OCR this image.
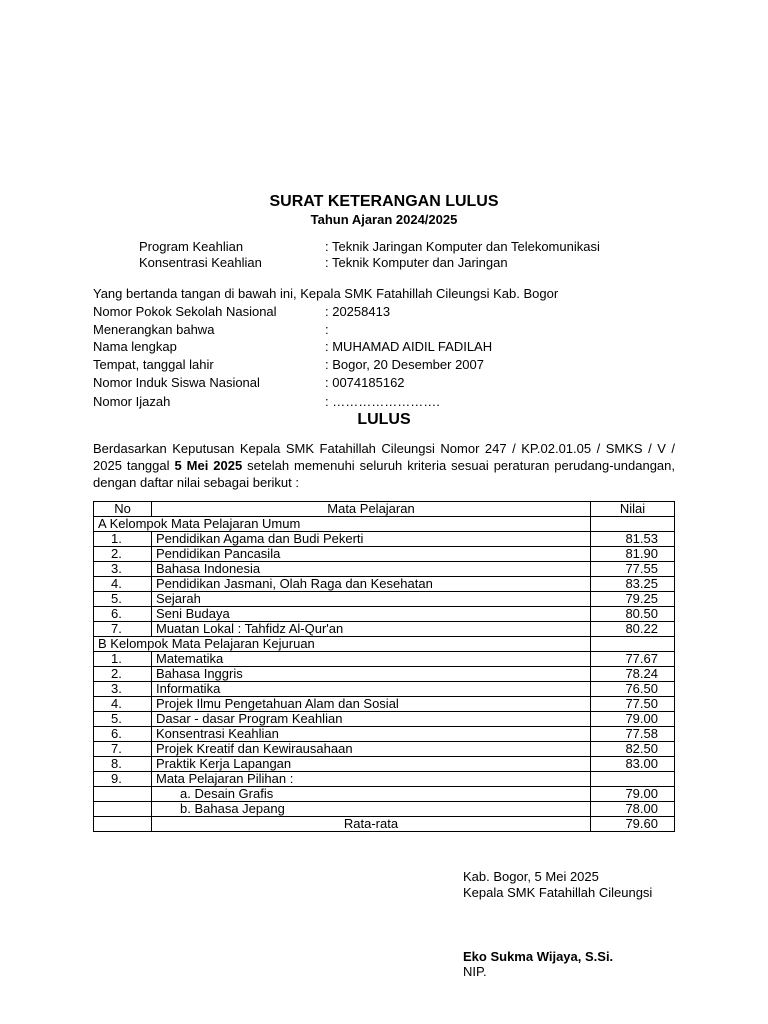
SURAT KETERANGAN LULUS
Tahun Ajaran 2024/2025
Program Keahlian	: Teknik Jaringan Komputer dan Telekomunikasi
Konsentrasi Keahlian	: Teknik Komputer dan Jaringan
Yang bertanda tangan di bawah ini, Kepala SMK Fatahillah Cileungsi Kab. Bogor
Nomor Pokok Sekolah Nasional	: 20258413
Menerangkan bahwa	:
Nama lengkap	: MUHAMAD AIDIL FADILAH
Tempat, tanggal lahir	: Bogor, 20 Desember 2007
Nomor Induk Siswa Nasional	: 0074185162
Nomor Ijazah	: …………………….
LULUS
Berdasarkan Keputusan Kepala SMK Fatahillah Cileungsi Nomor 247 / KP.02.01.05 / SMKS / V / 2025 tanggal 5 Mei 2025 setelah memenuhi seluruh kriteria sesuai peraturan perudang-undangan, dengan daftar nilai sebagai berikut :
No	Mata Pelajaran	Nilai
A Kelompok Mata Pelajaran Umum		
1.	Pendidikan Agama dan Budi Pekerti	81.53
2.	Pendidikan Pancasila	81.90
3.	Bahasa Indonesia	77.55
4.	Pendidikan Jasmani, Olah Raga dan Kesehatan	83.25
5.	Sejarah	79.25
6.	Seni Budaya	80.50
7.	Muatan Lokal : Tahfidz Al-Qur'an	80.22
B Kelompok Mata Pelajaran Kejuruan		
1.	Matematika	77.67
2.	Bahasa Inggris	78.24
3.	Informatika	76.50
4.	Projek Ilmu Pengetahuan Alam dan Sosial	77.50
5.	Dasar - dasar Program Keahlian	79.00
6.	Konsentrasi Keahlian	77.58
7.	Projek Kreatif dan Kewirausahaan	82.50
8.	Praktik Kerja Lapangan	83.00
9.	Mata Pelajaran Pilihan :	
	a. Desain Grafis	79.00
	b. Bahasa Jepang	78.00
	Rata-rata	79.60
Kab. Bogor, 5 Mei 2025
Kepala SMK Fatahillah Cileungsi
Eko Sukma Wijaya, S.Si.
NIP.
